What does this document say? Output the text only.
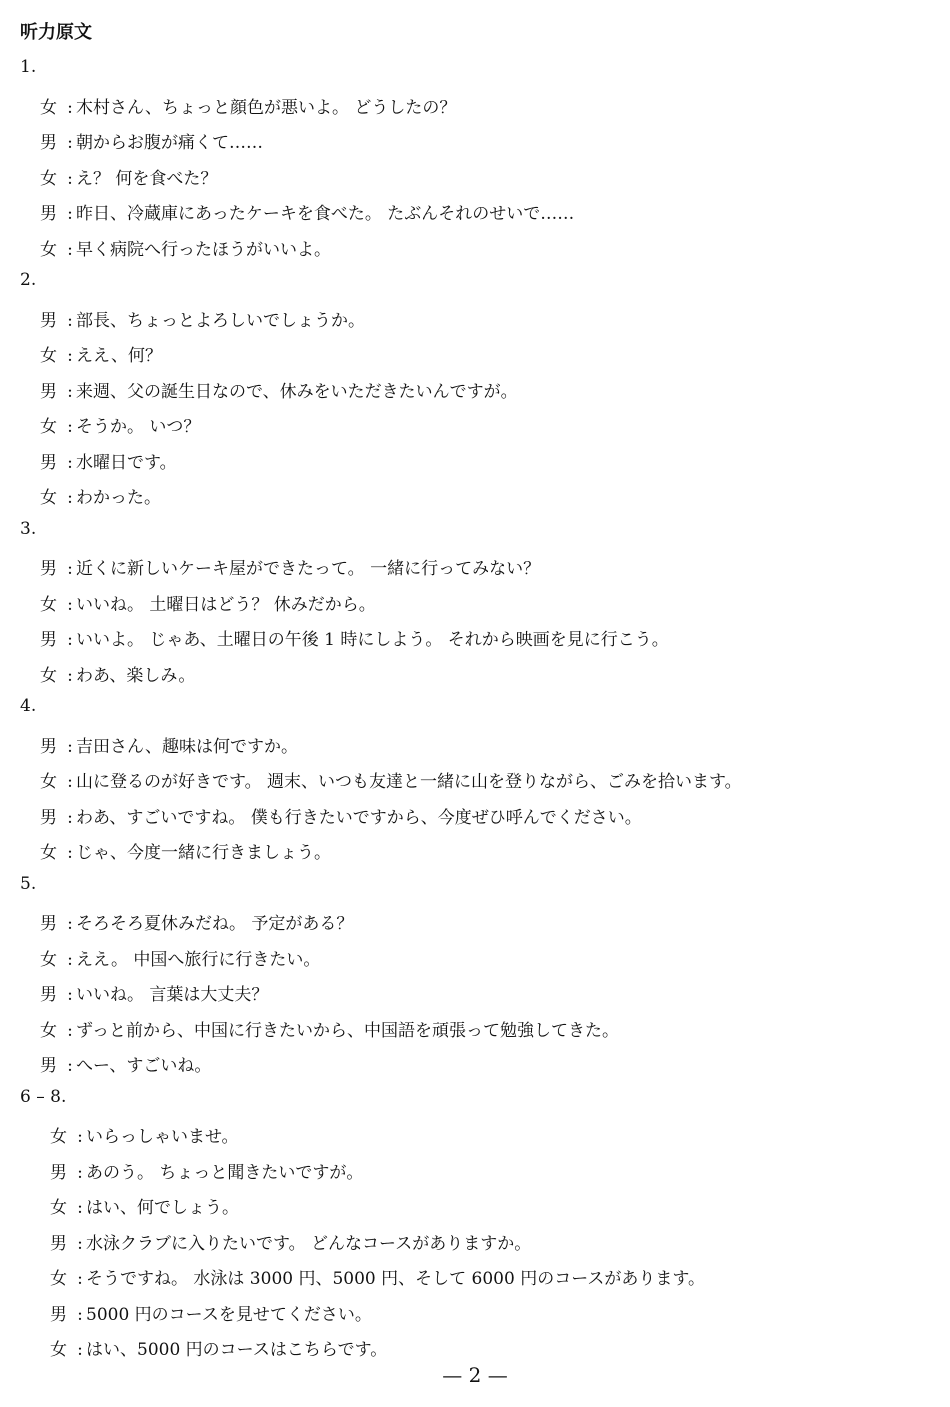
听力原文
1.
女 : 木村さん、ちょっと顔色が悪いよ。 どうしたの？
男 : 朝からお腹が痛くて……
女 : え？ 何を食べた？
男 : 昨日、冷蔵庫にあったケーキを食べた。 たぶんそれのせいで……
女 : 早く病院へ行ったほうがいいよ。
2.
男 : 部長、ちょっとよろしいでしょうか。
女 : ええ、何？
男 : 来週、父の誕生日なので、休みをいただきたいんですが。
女 : そうか。 いつ？
男 : 水曜日です。
女 : わかった。
3.
男 : 近くに新しいケーキ屋ができたって。 一緒に行ってみない？
女 : いいね。 土曜日はどう？ 休みだから。
男 : いいよ。 じゃあ、土曜日の午後 1 時にしよう。 それから映画を見に行こう。
女 : わあ、楽しみ。
4.
男 : 吉田さん、趣味は何ですか。
女 : 山に登るのが好きです。 週末、いつも友達と一緒に山を登りながら、ごみを拾います。
男 : わあ、すごいですね。 僕も行きたいですから、今度ぜひ呼んでください。
女 : じゃ、今度一緒に行きましょう。
5.
男 : そろそろ夏休みだね。 予定がある？
女 : ええ。 中国へ旅行に行きたい。
男 : いいね。 言葉は大丈夫？
女 : ずっと前から、中国に行きたいから、中国語を頑張って勉強してきた。
男 : へー、すごいね。
6 – 8.
女 : いらっしゃいませ。
男 : あのう。 ちょっと聞きたいですが。
女 : はい、何でしょう。
男 : 水泳クラブに入りたいです。 どんなコースがありますか。
女 : そうですね。 水泳は 3000 円、5000 円、そして 6000 円のコースがあります。
男 : 5000 円のコースを見せてください。
女 : はい、5000 円のコースはこちらです。
— 2 —
